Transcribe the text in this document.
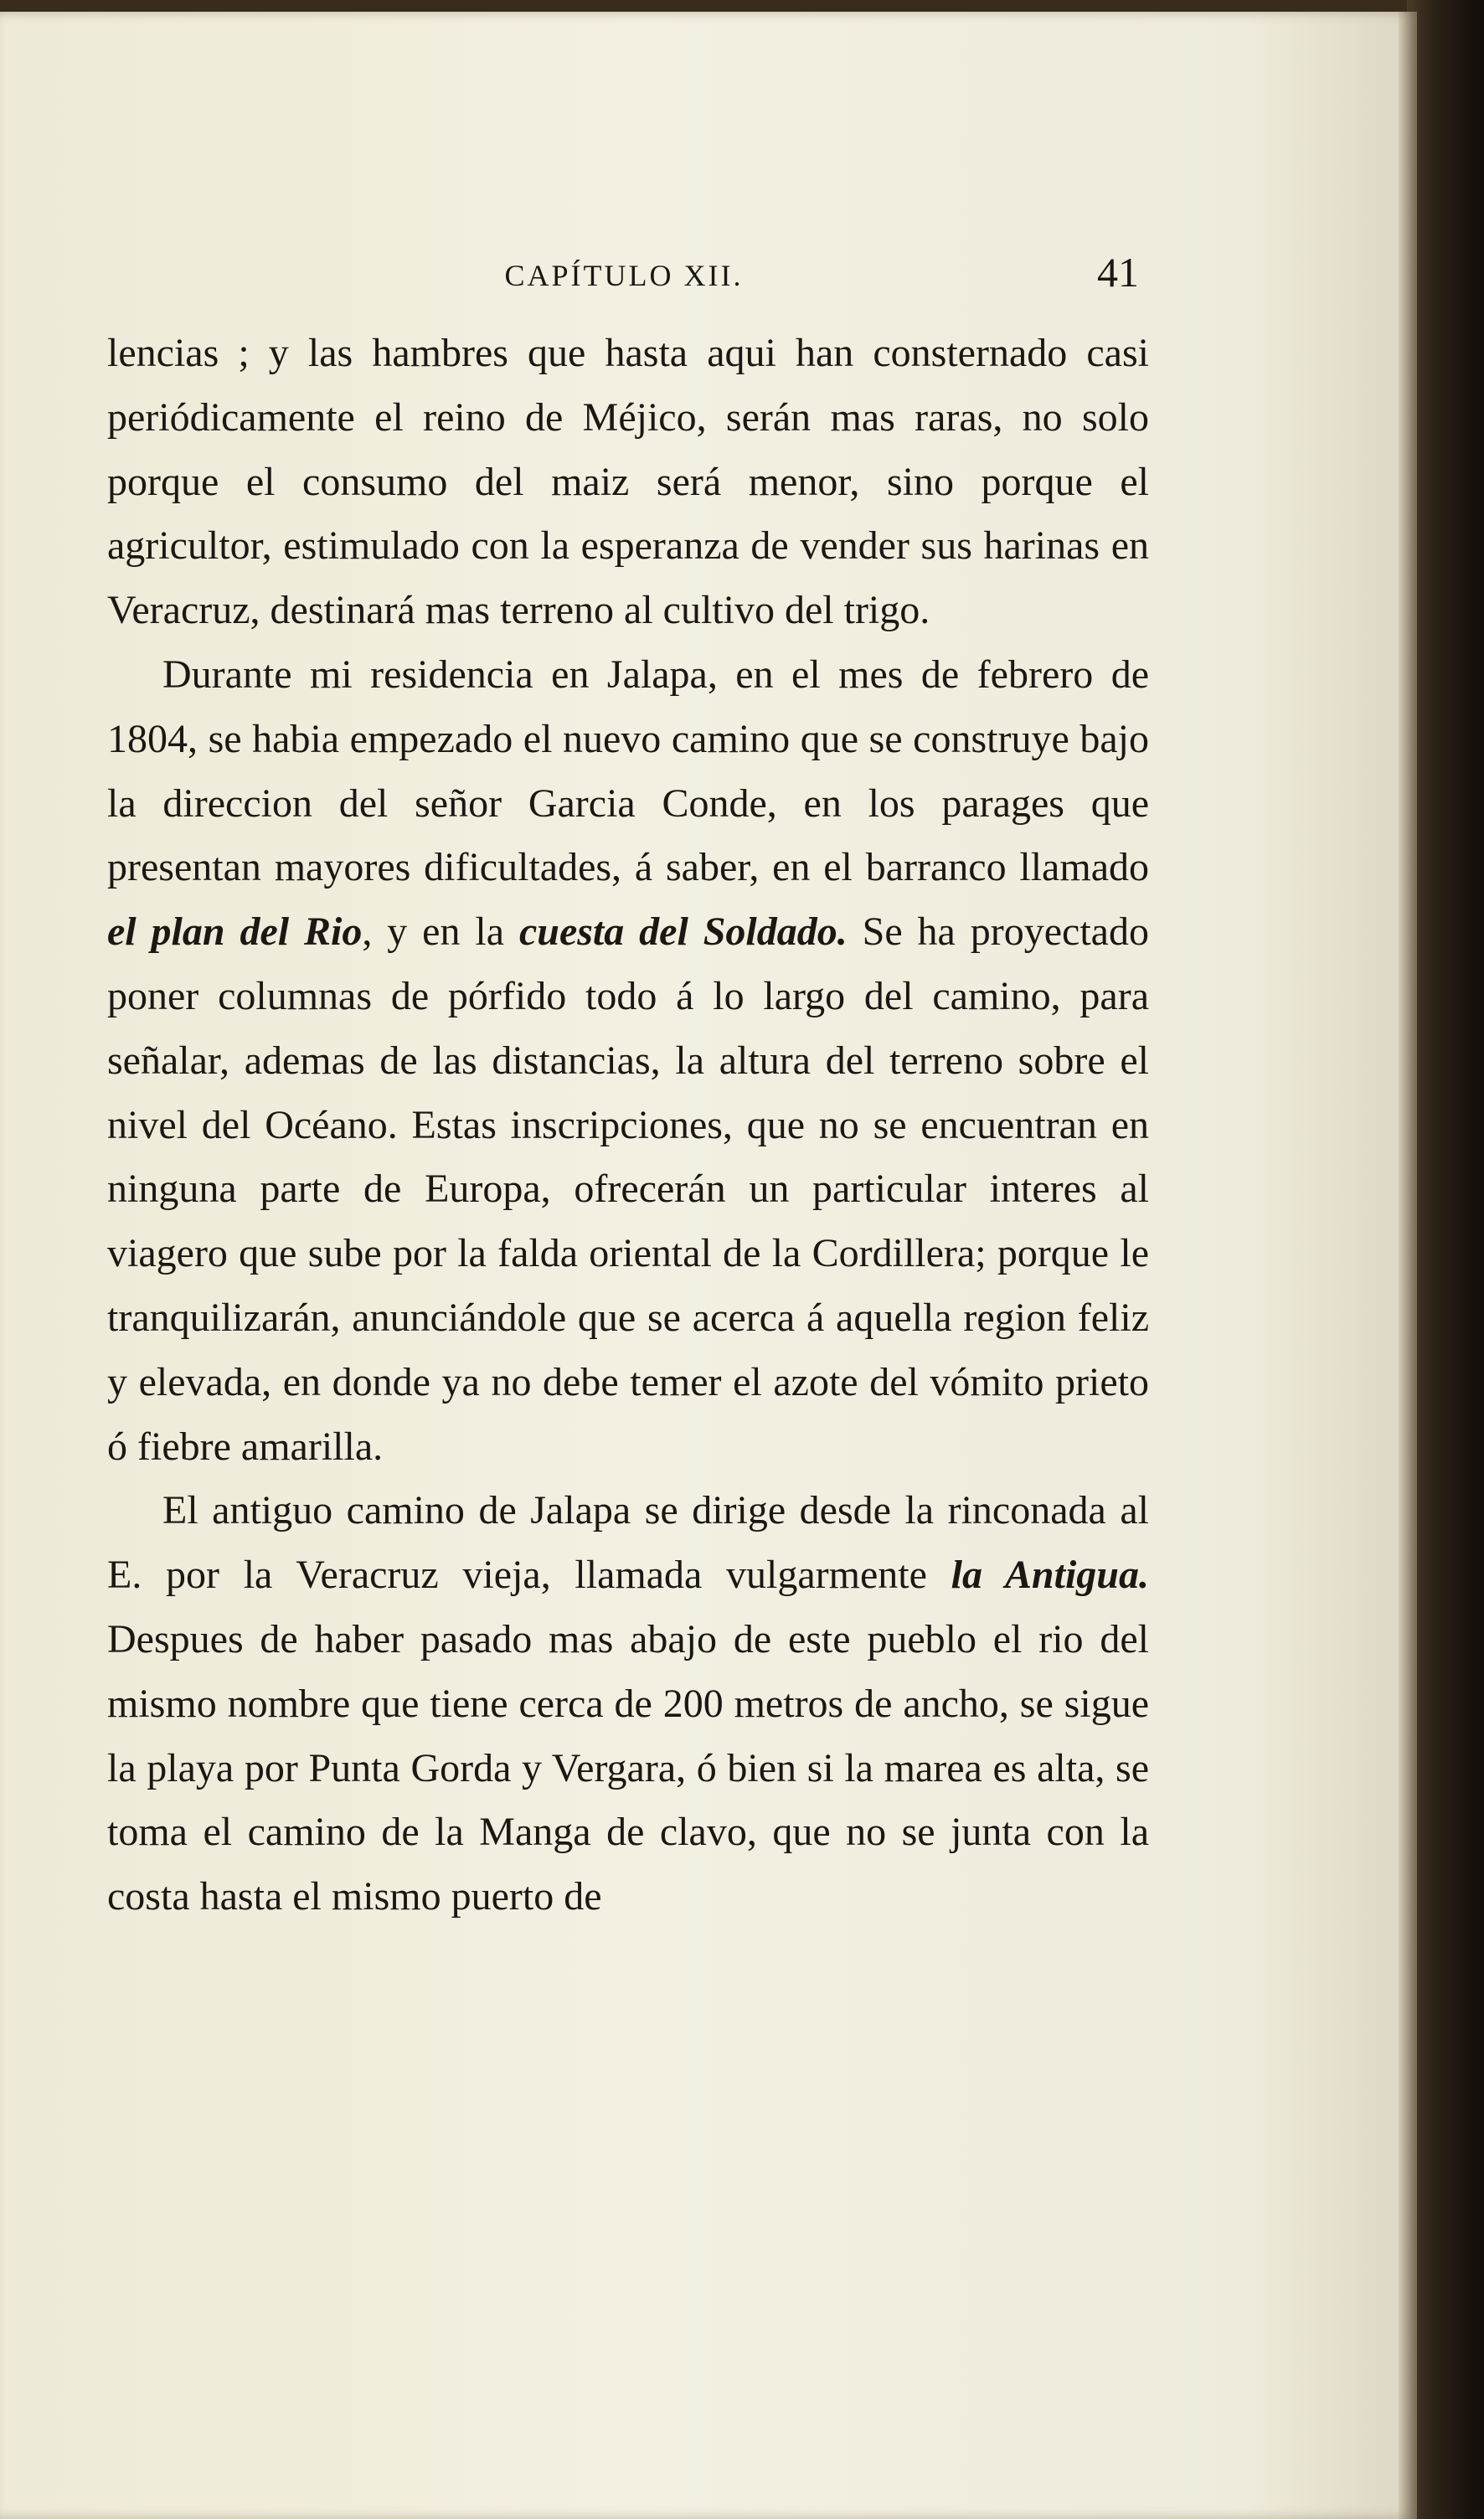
CAPÍTULO XII.	41

lencias ; y las hambres que hasta aqui han consternado casi periódicamente el reino de Méjico, serán mas raras, no solo porque el consumo del maiz será menor, sino porque el agricultor, estimulado con la esperanza de vender sus harinas en Veracruz, destinará mas terreno al cultivo del trigo.

Durante mi residencia en Jalapa, en el mes de febrero de 1804, se habia empezado el nuevo camino que se construye bajo la direccion del señor Garcia Conde, en los parages que presentan mayores dificultades, á saber, en el barranco llamado el plan del Rio, y en la cuesta del Soldado. Se ha proyectado poner columnas de pórfido todo á lo largo del camino, para señalar, ademas de las distancias, la altura del terreno sobre el nivel del Océano. Estas inscripciones, que no se encuentran en ninguna parte de Europa, ofrecerán un particular interes al viagero que sube por la falda oriental de la Cordillera; porque le tranquilizarán, anunciándole que se acerca á aquella region feliz y elevada, en donde ya no debe temer el azote del vómito prieto ó fiebre amarilla.

El antiguo camino de Jalapa se dirige desde la rinconada al E. por la Veracruz vieja, llamada vulgarmente la Antigua. Despues de haber pasado mas abajo de este pueblo el rio del mismo nombre que tiene cerca de 200 metros de ancho, se sigue la playa por Punta Gorda y Vergara, ó bien si la marea es alta, se toma el camino de la Manga de clavo, que no se junta con la costa hasta el mismo puerto de
